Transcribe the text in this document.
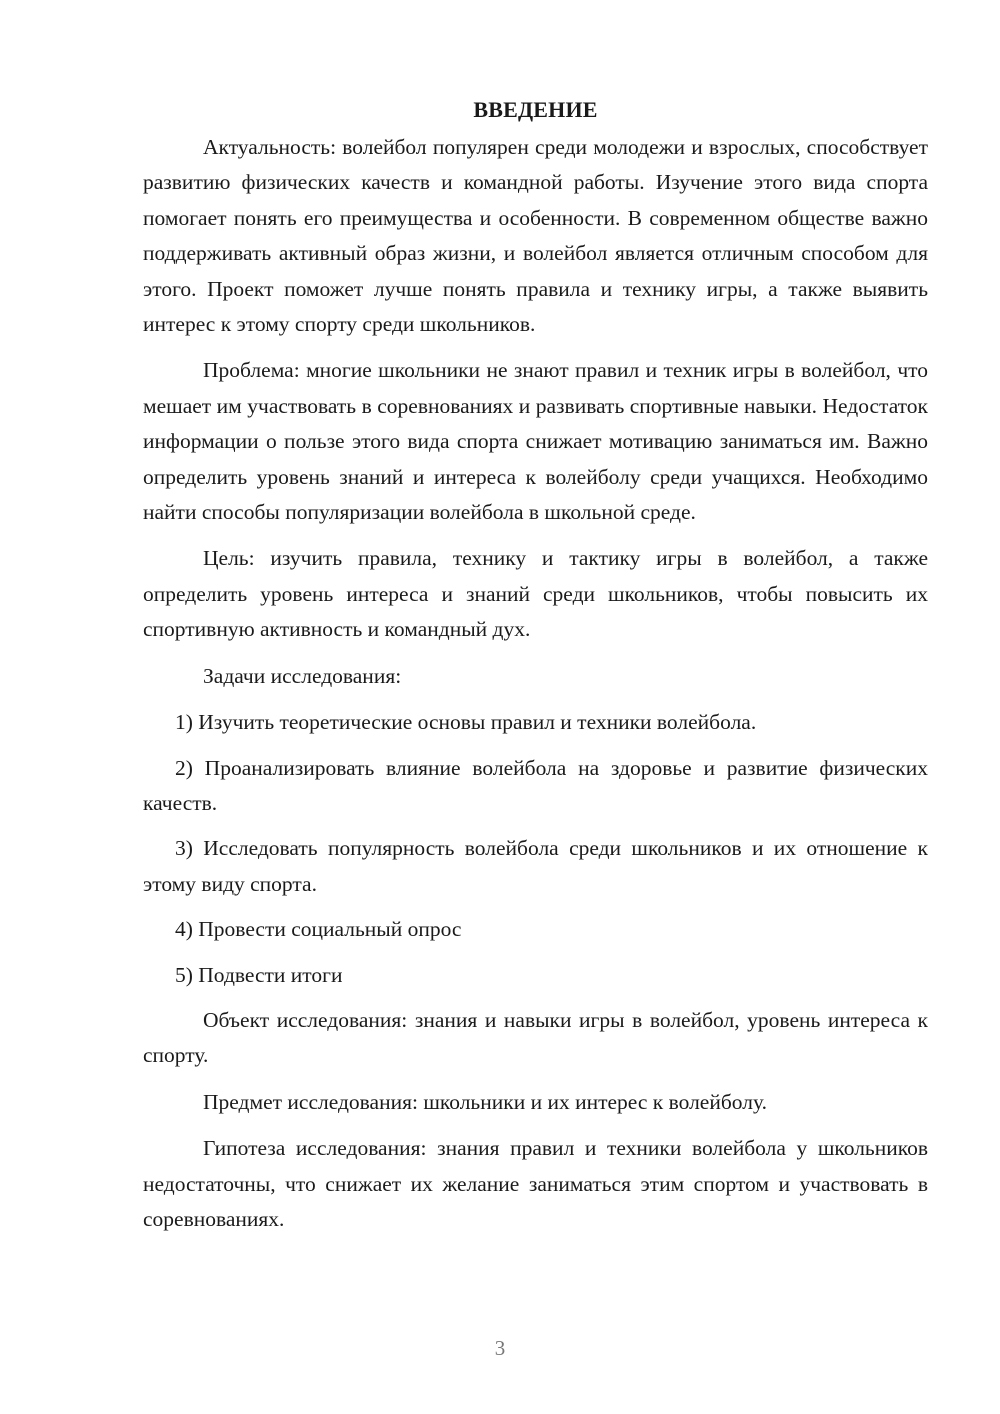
ВВЕДЕНИЕ

Актуальность: волейбол популярен среди молодежи и взрослых, способствует развитию физических качеств и командной работы. Изучение этого вида спорта помогает понять его преимущества и особенности. В современном обществе важно поддерживать активный образ жизни, и волейбол является отличным способом для этого. Проект поможет лучше понять правила и технику игры, а также выявить интерес к этому спорту среди школьников.

Проблема: многие школьники не знают правил и техник игры в волейбол, что мешает им участвовать в соревнованиях и развивать спортивные навыки. Недостаток информации о пользе этого вида спорта снижает мотивацию заниматься им. Важно определить уровень знаний и интереса к волейболу среди учащихся. Необходимо найти способы популяризации волейбола в школьной среде.

Цель: изучить правила, технику и тактику игры в волейбол, а также определить уровень интереса и знаний среди школьников, чтобы повысить их спортивную активность и командный дух.

Задачи исследования:

1) Изучить теоретические основы правил и техники волейбола.

2) Проанализировать влияние волейбола на здоровье и развитие физических качеств.

3) Исследовать популярность волейбола среди школьников и их отношение к этому виду спорта.

4) Провести социальный опрос

5) Подвести итоги

Объект исследования: знания и навыки игры в волейбол, уровень интереса к спорту.

Предмет исследования: школьники и их интерес к волейболу.

Гипотеза исследования: знания правил и техники волейбола у школьников недостаточны, что снижает их желание заниматься этим спортом и участвовать в соревнованиях.

3
